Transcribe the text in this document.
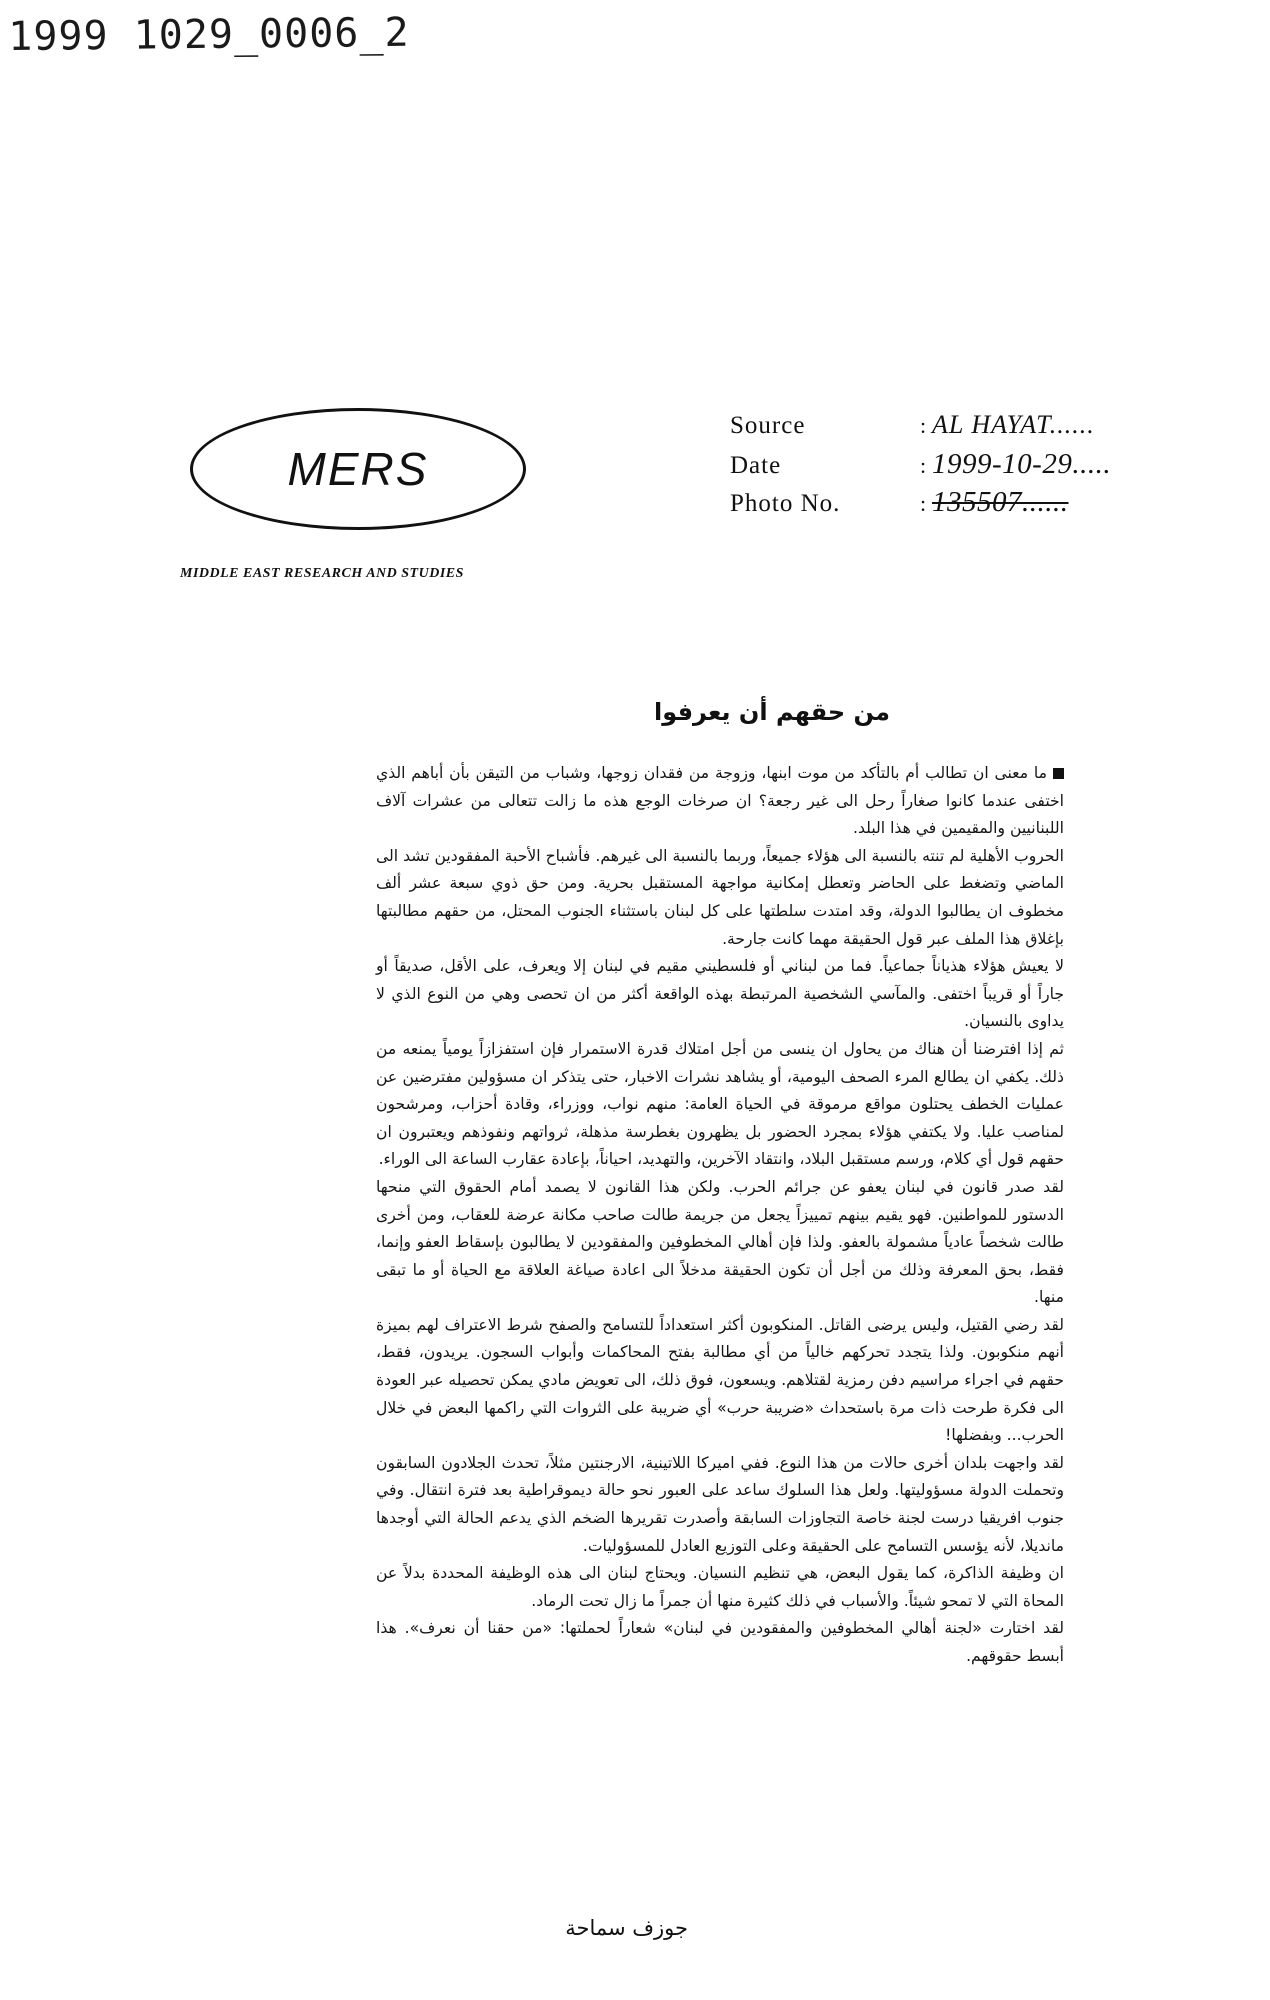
1999 1029_0006_2
MERS
MIDDLE EAST RESEARCH AND STUDIES
Source	: AL HAYAT......
Date	: 1999-10-29.....
Photo No.	: 135507......
من حقهم أن يعرفوا

ما معنى ان تطالب أم بالتأكد من موت ابنها، وزوجة من فقدان زوجها، وشباب من التيقن بأن أباهم الذي اختفى عندما كانوا صغاراً رحل الى غير رجعة؟ ان صرخات الوجع هذه ما زالت تتعالى من عشرات آلاف اللبنانيين والمقيمين في هذا البلد.

الحروب الأهلية لم تنته بالنسبة الى هؤلاء جميعاً، وربما بالنسبة الى غيرهم. فأشباح الأحبة المفقودين تشد الى الماضي وتضغط على الحاضر وتعطل إمكانية مواجهة المستقبل بحرية. ومن حق ذوي سبعة عشر ألف مخطوف ان يطالبوا الدولة، وقد امتدت سلطتها على كل لبنان باستثناء الجنوب المحتل، من حقهم مطالبتها بإغلاق هذا الملف عبر قول الحقيقة مهما كانت جارحة.

لا يعيش هؤلاء هذياناً جماعياً. فما من لبناني أو فلسطيني مقيم في لبنان إلا ويعرف، على الأقل، صديقاً أو جاراً أو قريباً اختفى. والمآسي الشخصية المرتبطة بهذه الواقعة أكثر من ان تحصى وهي من النوع الذي لا يداوى بالنسيان.

ثم إذا افترضنا أن هناك من يحاول ان ينسى من أجل امتلاك قدرة الاستمرار فإن استفزازاً يومياً يمنعه من ذلك. يكفي ان يطالع المرء الصحف اليومية، أو يشاهد نشرات الاخبار، حتى يتذكر ان مسؤولين مفترضين عن عمليات الخطف يحتلون مواقع مرموقة في الحياة العامة: منهم نواب، ووزراء، وقادة أحزاب، ومرشحون لمناصب عليا. ولا يكتفي هؤلاء بمجرد الحضور بل يظهرون بغطرسة مذهلة، ثرواتهم ونفوذهم ويعتبرون ان حقهم قول أي كلام، ورسم مستقبل البلاد، وانتقاد الآخرين، والتهديد، احياناً، بإعادة عقارب الساعة الى الوراء.

لقد صدر قانون في لبنان يعفو عن جرائم الحرب. ولكن هذا القانون لا يصمد أمام الحقوق التي منحها الدستور للمواطنين. فهو يقيم بينهم تمييزاً يجعل من جريمة طالت صاحب مكانة عرضة للعقاب، ومن أخرى طالت شخصاً عادياً مشمولة بالعفو. ولذا فإن أهالي المخطوفين والمفقودين لا يطالبون بإسقاط العفو وإنما، فقط، بحق المعرفة وذلك من أجل أن تكون الحقيقة مدخلاً الى اعادة صياغة العلاقة مع الحياة أو ما تبقى منها.

لقد رضي القتيل، وليس يرضى القاتل. المنكوبون أكثر استعداداً للتسامح والصفح شرط الاعتراف لهم بميزة أنهم منكوبون. ولذا يتجدد تحركهم خالياً من أي مطالبة بفتح المحاكمات وأبواب السجون. يريدون، فقط، حقهم في اجراء مراسيم دفن رمزية لقتلاهم. ويسعون، فوق ذلك، الى تعويض مادي يمكن تحصيله عبر العودة الى فكرة طرحت ذات مرة باستحداث «ضريبة حرب» أي ضريبة على الثروات التي راكمها البعض في خلال الحرب... وبفضلها!

لقد واجهت بلدان أخرى حالات من هذا النوع. ففي اميركا اللاتينية، الارجنتين مثلاً، تحدث الجلادون السابقون وتحملت الدولة مسؤوليتها. ولعل هذا السلوك ساعد على العبور نحو حالة ديموقراطية بعد فترة انتقال. وفي جنوب افريقيا درست لجنة خاصة التجاوزات السابقة وأصدرت تقريرها الضخم الذي يدعم الحالة التي أوجدها مانديلا، لأنه يؤسس التسامح على الحقيقة وعلى التوزيع العادل للمسؤوليات.

ان وظيفة الذاكرة، كما يقول البعض، هي تنظيم النسيان. ويحتاج لبنان الى هذه الوظيفة المحددة بدلاً عن المحاة التي لا تمحو شيئاً. والأسباب في ذلك كثيرة منها أن جمراً ما زال تحت الرماد.

لقد اختارت «لجنة أهالي المخطوفين والمفقودين في لبنان» شعاراً لحملتها: «من حقنا أن نعرف». هذا أبسط حقوقهم.

جوزف سماحة
